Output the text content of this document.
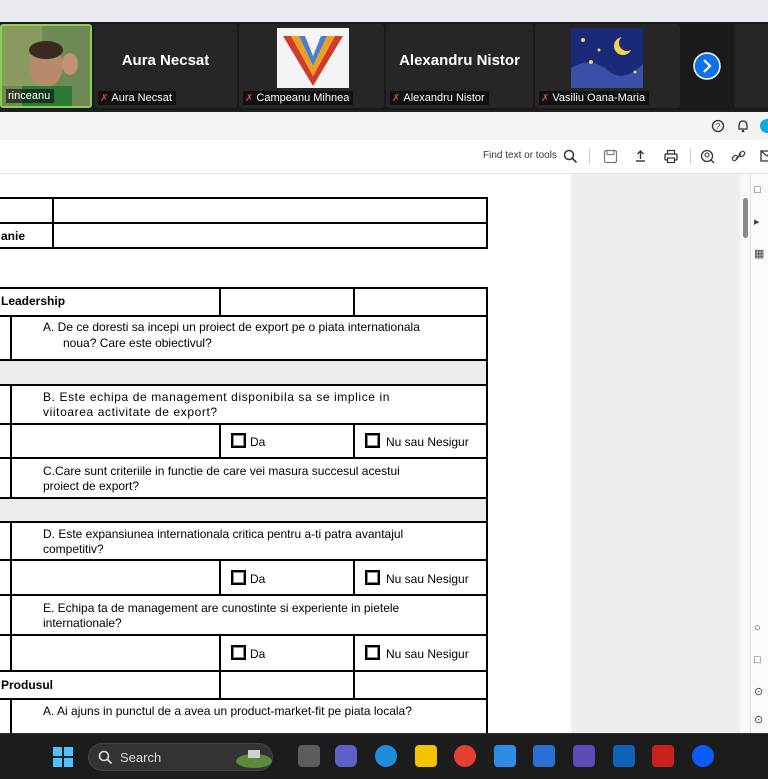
rinceanu
Aura Necsat
✗ Aura Necsat	✗ Campeanu Mihnea
Alexandru Nistor
✗ Alexandru Nistor	✗ Vasiliu Oana-Maria
?
Find text or tools
anie
Leadership
A. De ce doresti sa incepi un proiect de export pe o piata internationala
noua? Care este obiectivul?
B. Este echipa de management disponibila sa se implice in
viitoarea activitate de export?
Da	Nu sau Nesigur
C.Care sunt criteriile in functie de care vei masura succesul acestui
proiect de export?
D. Este expansiunea internationala critica pentru a-ti patra avantajul
competitiv?
Da	Nu sau Nesigur
E. Echipa ta de management are cunostinte si experiente in pietele
internationale?
Da	Nu sau Nesigur
Produsul
A. Ai ajuns in punctul de a avea un product-market-fit pe piata locala?
□
▸
▦
○
□
⊙
⊙
Search
